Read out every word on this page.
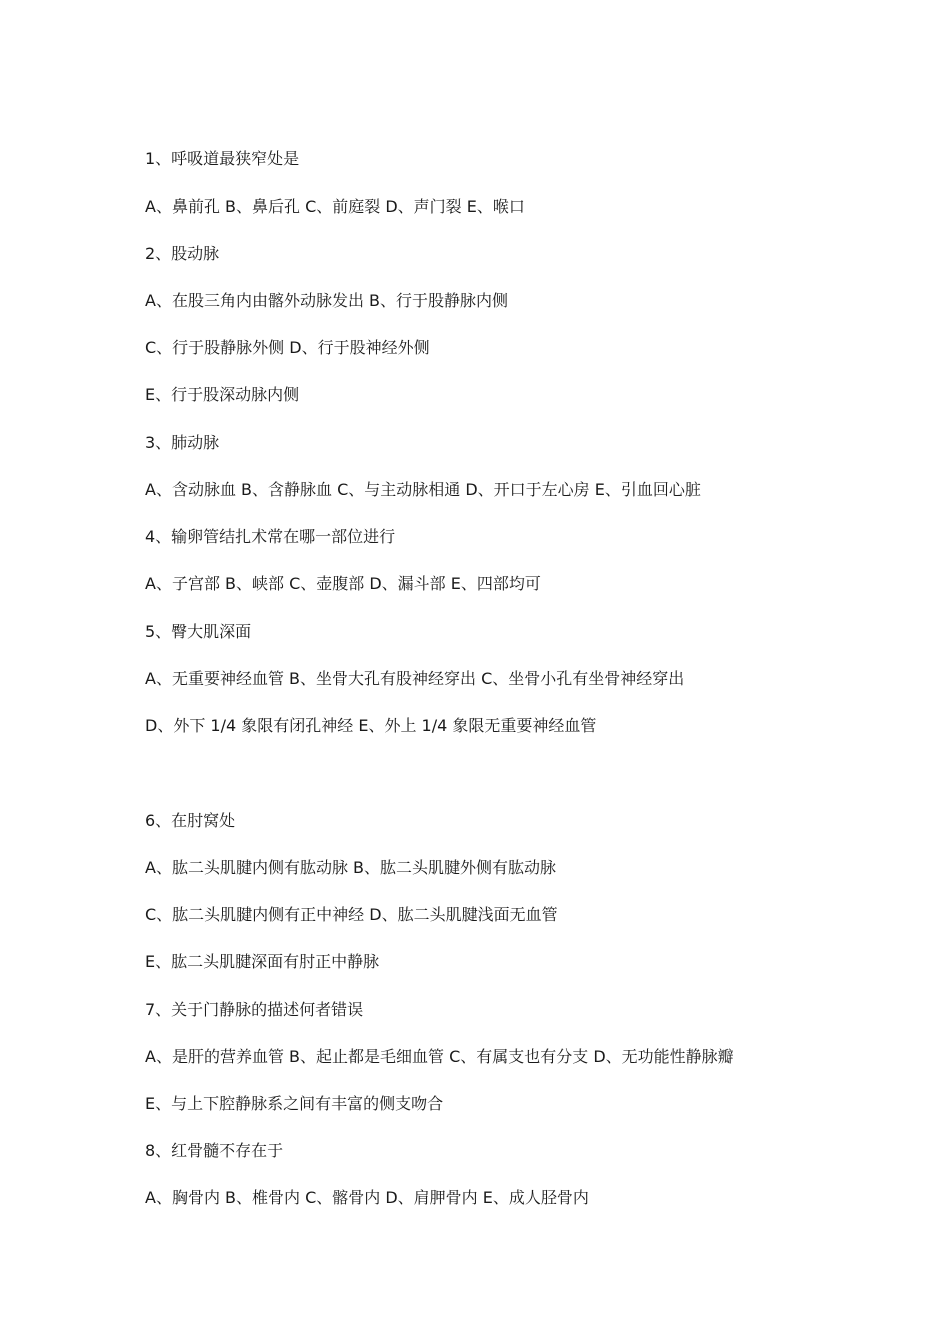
1、呼吸道最狭窄处是
A、鼻前孔 B、鼻后孔 C、前庭裂 D、声门裂 E、喉口
2、股动脉
A、在股三角内由髂外动脉发出 B、行于股静脉内侧
C、行于股静脉外侧 D、行于股神经外侧
E、行于股深动脉内侧
3、肺动脉
A、含动脉血 B、含静脉血 C、与主动脉相通 D、开口于左心房 E、引血回心脏
4、输卵管结扎术常在哪一部位进行
A、子宫部 B、峡部 C、壶腹部 D、漏斗部 E、四部均可
5、臀大肌深面
A、无重要神经血管 B、坐骨大孔有股神经穿出 C、坐骨小孔有坐骨神经穿出
D、外下 1/4 象限有闭孔神经 E、外上 1/4 象限无重要神经血管
6、在肘窝处
A、肱二头肌腱内侧有肱动脉 B、肱二头肌腱外侧有肱动脉
C、肱二头肌腱内侧有正中神经 D、肱二头肌腱浅面无血管
E、肱二头肌腱深面有肘正中静脉
7、关于门静脉的描述何者错误
A、是肝的营养血管 B、起止都是毛细血管 C、有属支也有分支 D、无功能性静脉瓣
E、与上下腔静脉系之间有丰富的侧支吻合
8、红骨髓不存在于
A、胸骨内 B、椎骨内 C、髂骨内 D、肩胛骨内 E、成人胫骨内
